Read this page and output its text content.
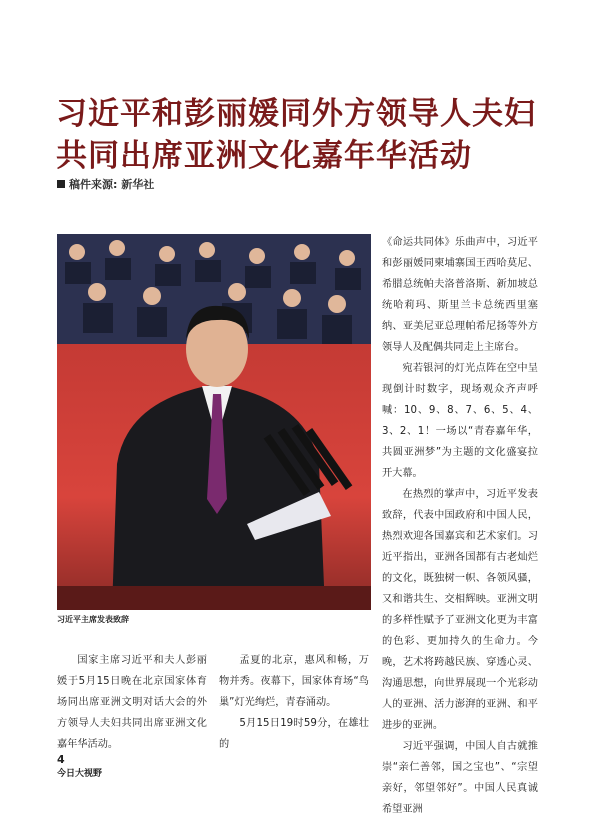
习近平和彭丽媛同外方领导人夫妇
共同出席亚洲文化嘉年华活动
稿件来源: 新华社
习近平主席发表致辞

国家主席习近平和夫人彭丽媛于5月15日晚在北京国家体育场同出席亚洲文明对话大会的外方领导人夫妇共同出席亚洲文化嘉年华活动。

孟夏的北京，惠风和畅，万物并秀。夜幕下，国家体育场“鸟巢”灯光绚烂，青春涌动。

5月15日19时59分，在雄壮的

《命运共同体》乐曲声中，习近平和彭丽媛同柬埔寨国王西哈莫尼、希腊总统帕夫洛普洛斯、新加坡总统哈莉玛、斯里兰卡总统西里塞纳、亚美尼亚总理帕希尼扬等外方领导人及配偶共同走上主席台。

宛若银河的灯光点阵在空中呈现倒计时数字，现场观众齐声呼喊：10、9、8、7、6、5、4、3、2、1！一场以“青春嘉年华，共圆亚洲梦”为主题的文化盛宴拉开大幕。

在热烈的掌声中，习近平发表致辞，代表中国政府和中国人民，热烈欢迎各国嘉宾和艺术家们。习近平指出，亚洲各国都有古老灿烂的文化，既独树一帜、各领风骚，又和谐共生、交相辉映。亚洲文明的多样性赋予了亚洲文化更为丰富的色彩、更加持久的生命力。今晚，艺术将跨越民族、穿透心灵、沟通思想，向世界展现一个光彩动人的亚洲、活力澎湃的亚洲、和平进步的亚洲。

习近平强调，中国人自古就推崇“亲仁善邻，国之宝也”、“宗望亲好，邻望邻好”。中国人民真诚希望亚洲

4
今日大视野
